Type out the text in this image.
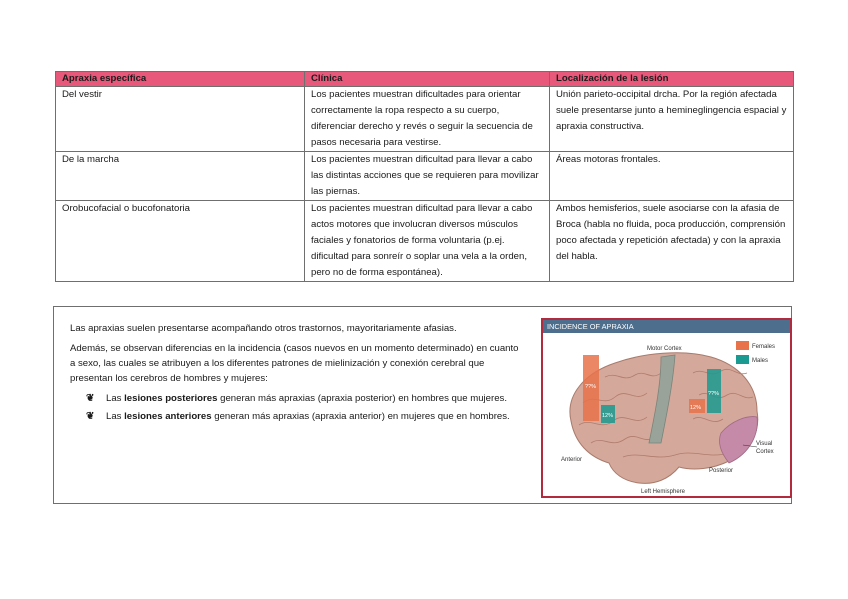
Apraxia específica	Clínica	Localización de la lesión
Del vestir	Los pacientes muestran dificultades para orientar correctamente la ropa respecto a su cuerpo, diferenciar derecho y revés o seguir la secuencia de pasos necesaria para vestirse.	Unión parieto-occipital drcha. Por la región afectada suele presentarse junto a hemineglingencia espacial y apraxia constructiva.
De la marcha	Los pacientes muestran dificultad para llevar a cabo las distintas acciones que se requieren para movilizar las piernas.	Áreas motoras frontales.
Orobucofacial o bucofonatoria	Los pacientes muestran dificultad para llevar a cabo actos motores que involucran diversos músculos faciales y fonatorios de forma voluntaria (p.ej. dificultad para sonreír o soplar una vela a la orden, pero no de forma espontánea).	Ambos hemisferios, suele asociarse con la afasia de Broca (habla no fluida, poca producción, comprensión poco afectada y repetición afectada) y con la apraxia del habla.

Las apraxias suelen presentarse acompañando otros trastornos, mayoritariamente afasias.

Además, se observan diferencias en la incidencia (casos nuevos en un momento determinado) en cuanto a sexo, las cuales se atribuyen a los diferentes patrones de mielinización y conexión cerebral que presentan los cerebros de hombres y mujeres:

❦ Las lesiones posteriores generan más apraxias (apraxia posterior) en hombres que mujeres.
❦ Las lesiones anteriores generan más apraxias (apraxia anterior) en mujeres que en hombres.
INCIDENCE OF APRAXIA
??%
12%
12%
??%
Females
Males
Motor Cortex
Anterior
Posterior
Visual
Cortex
Left Hemisphere
